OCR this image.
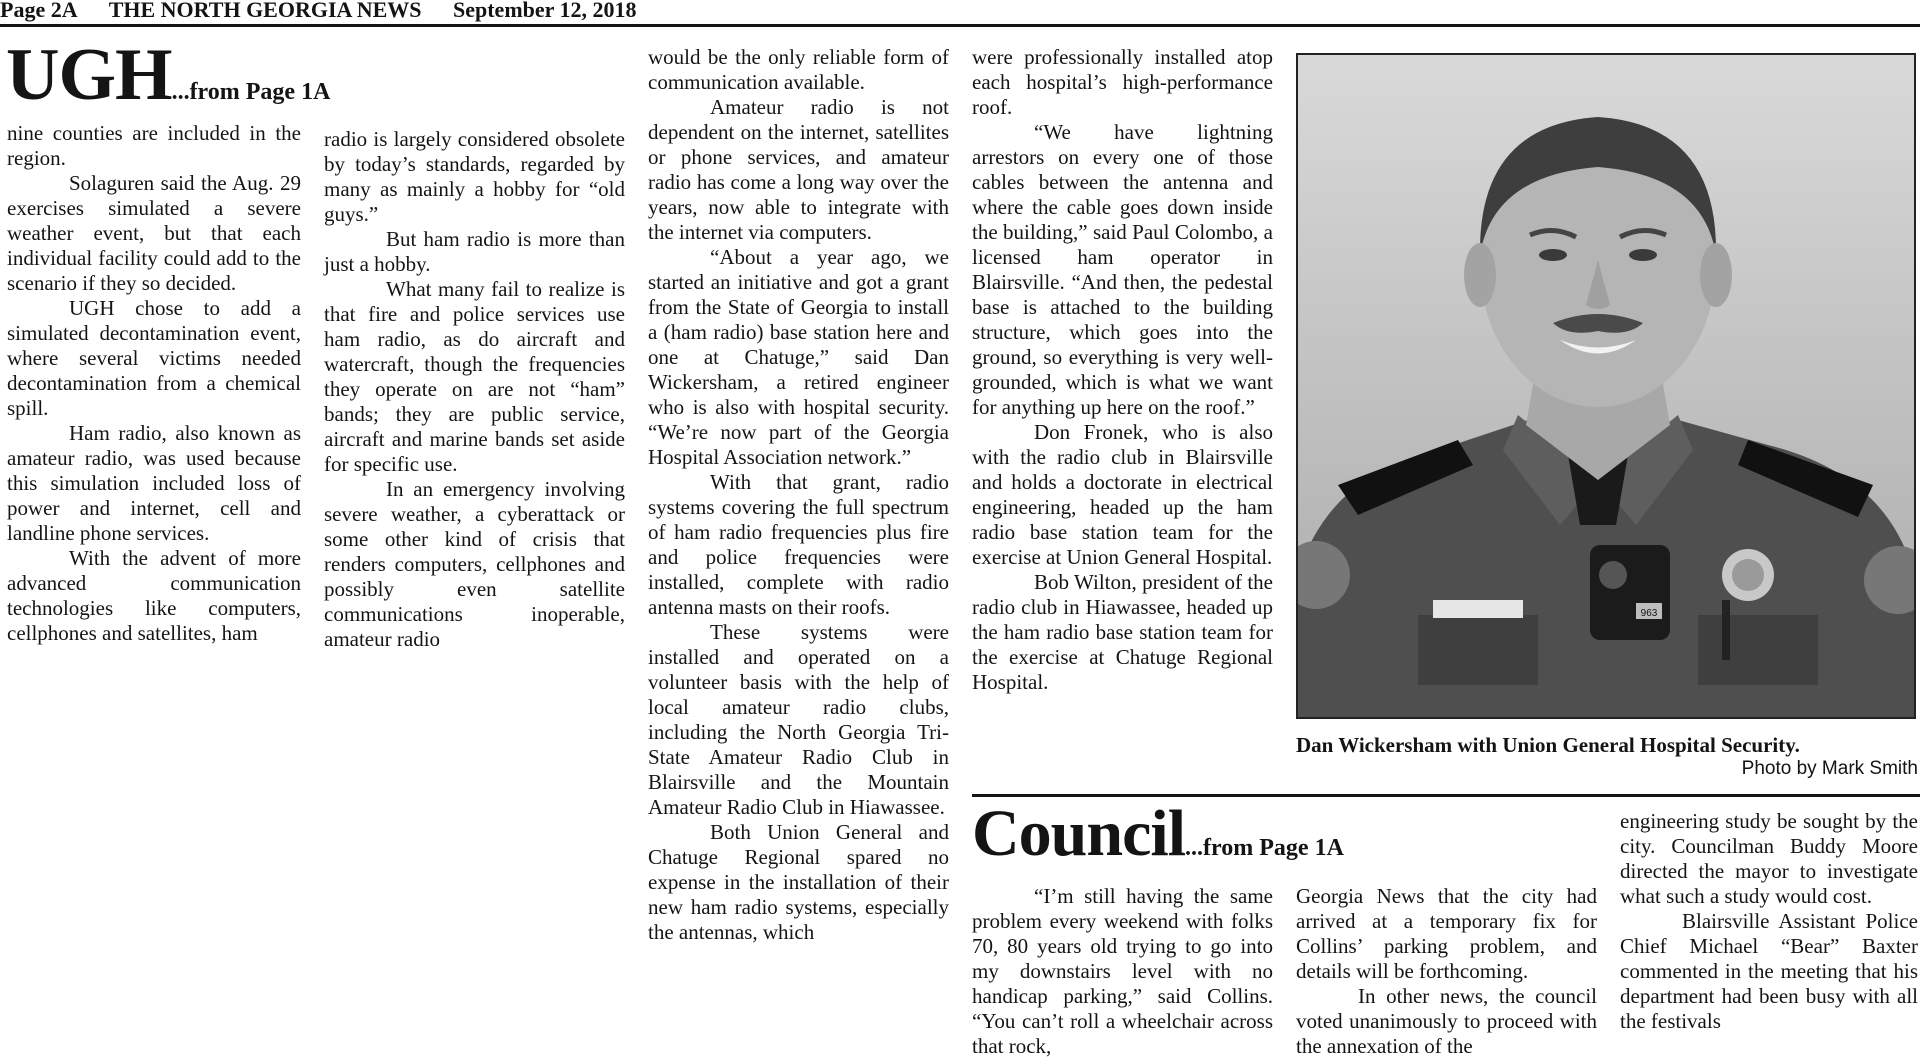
Page 2A THE NORTH GEORGIA NEWS September 12, 2018
UGH...from Page 1A

nine counties are included in the region.

Solaguren said the Aug. 29 exercises simulated a severe weather event, but that each individual facility could add to the scenario if they so decided.

UGH chose to add a simulated decontamination event, where several victims needed decontamination from a chemical spill.

Ham radio, also known as amateur radio, was used because this simulation included loss of power and internet, cell and landline phone services.

With the advent of more advanced communication technologies like computers, cellphones and satellites, ham

radio is largely considered obsolete by today’s standards, regarded by many as mainly a hobby for “old guys.”

But ham radio is more than just a hobby.

What many fail to realize is that fire and police services use ham radio, as do aircraft and watercraft, though the frequencies they operate on are not “ham” bands; they are public service, aircraft and marine bands set aside for specific use.

In an emergency involving severe weather, a cyberattack or some other kind of crisis that renders computers, cellphones and possibly even satellite communications inoperable, amateur radio

would be the only reliable form of communication available.

Amateur radio is not dependent on the internet, satellites or phone services, and amateur radio has come a long way over the years, now able to integrate with the internet via computers.

“About a year ago, we started an initiative and got a grant from the State of Georgia to install a (ham radio) base station here and one at Chatuge,” said Dan Wickersham, a retired engineer who is also with hospital security. “We’re now part of the Georgia Hospital Association network.”

With that grant, radio systems covering the full spectrum of ham radio frequencies plus fire and police frequencies were installed, complete with radio antenna masts on their roofs.

These systems were installed and operated on a volunteer basis with the help of local amateur radio clubs, including the North Georgia Tri-State Amateur Radio Club in Blairsville and the Mountain Amateur Radio Club in Hiawassee.

Both Union General and Chatuge Regional spared no expense in the installation of their new ham radio systems, especially the antennas, which

were professionally installed atop each hospital’s high-performance roof.

“We have lightning arrestors on every one of those cables between the antenna and where the cable goes down inside the building,” said Paul Colombo, a licensed ham operator in Blairsville. “And then, the pedestal base is attached to the building structure, which goes into the ground, so everything is very well-grounded, which is what we want for anything up here on the roof.”

Don Fronek, who is also with the radio club in Blairsville and holds a doctorate in electrical engineering, headed up the ham radio base station team for the exercise at Union General Hospital.

Bob Wilton, president of the radio club in Hiawassee, headed up the ham radio base station team for the exercise at Chatuge Regional Hospital.

963
Dan Wickersham with Union General Hospital Security.
Photo by Mark Smith
Council...from Page 1A

“I’m still having the same problem every weekend with folks 70, 80 years old trying to go into my downstairs level with no handicap parking,” said Collins. “You can’t roll a wheelchair across that rock,

Georgia News that the city had arrived at a temporary fix for Collins’ parking problem, and details will be forthcoming.

In other news, the council voted unanimously to proceed with the annexation of the

engineering study be sought by the city. Councilman Buddy Moore directed the mayor to investigate what such a study would cost.

Blairsville Assistant Police Chief Michael “Bear” Baxter commented in the meeting that his department had been busy with all the festivals
